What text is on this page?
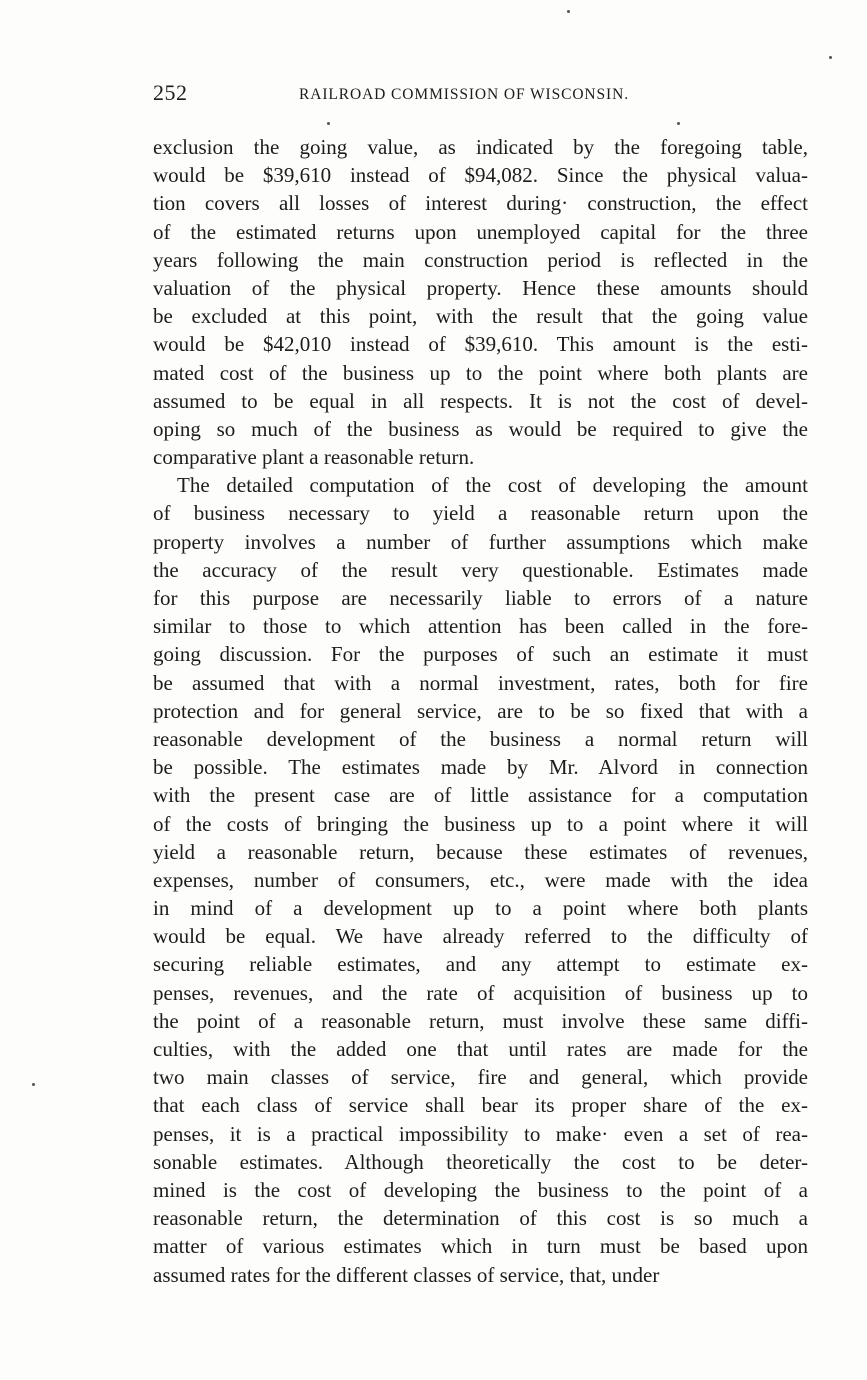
252	RAILROAD COMMISSION OF WISCONSIN.
exclusion the going value, as indicated by the foregoing table,
would be $39,610 instead of $94,082. Since the physical valua-
tion covers all losses of interest during· construction, the effect
of the estimated returns upon unemployed capital for the three
years following the main construction period is reflected in the
valuation of the physical property. Hence these amounts should
be excluded at this point, with the result that the going value
would be $42,010 instead of $39,610. This amount is the esti-
mated cost of the business up to the point where both plants are
assumed to be equal in all respects. It is not the cost of devel-
oping so much of the business as would be required to give the
comparative plant a reasonable return.
The detailed computation of the cost of developing the amount
of business necessary to yield a reasonable return upon the
property involves a number of further assumptions which make
the accuracy of the result very questionable. Estimates made
for this purpose are necessarily liable to errors of a nature
similar to those to which attention has been called in the fore-
going discussion. For the purposes of such an estimate it must
be assumed that with a normal investment, rates, both for fire
protection and for general service, are to be so fixed that with a
reasonable development of the business a normal return will
be possible. The estimates made by Mr. Alvord in connection
with the present case are of little assistance for a computation
of the costs of bringing the business up to a point where it will
yield a reasonable return, because these estimates of revenues,
expenses, number of consumers, etc., were made with the idea
in mind of a development up to a point where both plants
would be equal. We have already referred to the difficulty of
securing reliable estimates, and any attempt to estimate ex-
penses, revenues, and the rate of acquisition of business up to
the point of a reasonable return, must involve these same diffi-
culties, with the added one that until rates are made for the
two main classes of service, fire and general, which provide
that each class of service shall bear its proper share of the ex-
penses, it is a practical impossibility to make· even a set of rea-
sonable estimates. Although theoretically the cost to be deter-
mined is the cost of developing the business to the point of a
reasonable return, the determination of this cost is so much a
matter of various estimates which in turn must be based upon
assumed rates for the different classes of service, that, under
